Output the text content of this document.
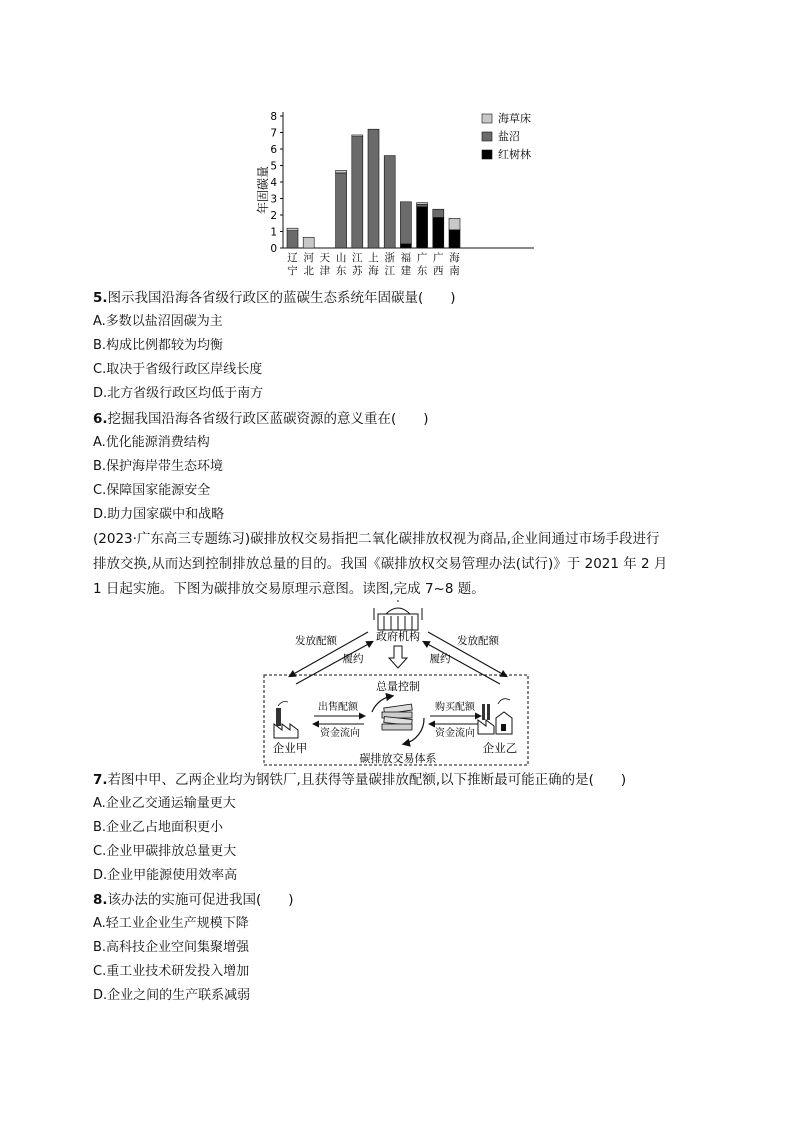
年固碳量
0
1
2
3
4
5
6
7
8
辽
宁
河
北
天
津
山
东
江
苏
上
海
浙
江
福
建
广
东
广
西
海
南
海草床
盐沼
红树林
5.图示我国沿海各省级行政区的蓝碳生态系统年固碳量(　　)
A.多数以盐沼固碳为主
B.构成比例都较为均衡
C.取决于省级行政区岸线长度
D.北方省级行政区均低于南方
6.挖掘我国沿海各省级行政区蓝碳资源的意义重在(　　)
A.优化能源消费结构
B.保护海岸带生态环境
C.保障国家能源安全
D.助力国家碳中和战略
(2023·广东高三专题练习)碳排放权交易指把二氧化碳排放权视为商品,企业间通过市场手段进行
排放交换,从而达到控制排放总量的目的。我国《碳排放权交易管理办法(试行)》于 2021 年 2 月
1 日起实施。下图为碳排放交易原理示意图。读图,完成 7~8 题。
政府机构
发放配额
履约
发放配额
履约
总量控制
出售配额
资金流向
购买配额
资金流向
企业甲	企业乙
碳排放交易体系
7.若图中甲、乙两企业均为钢铁厂,且获得等量碳排放配额,以下推断最可能正确的是(　　)
A.企业乙交通运输量更大
B.企业乙占地面积更小
C.企业甲碳排放总量更大
D.企业甲能源使用效率高
8.该办法的实施可促进我国(　　)
A.轻工业企业生产规模下降
B.高科技企业空间集聚增强
C.重工业技术研发投入增加
D.企业之间的生产联系减弱
